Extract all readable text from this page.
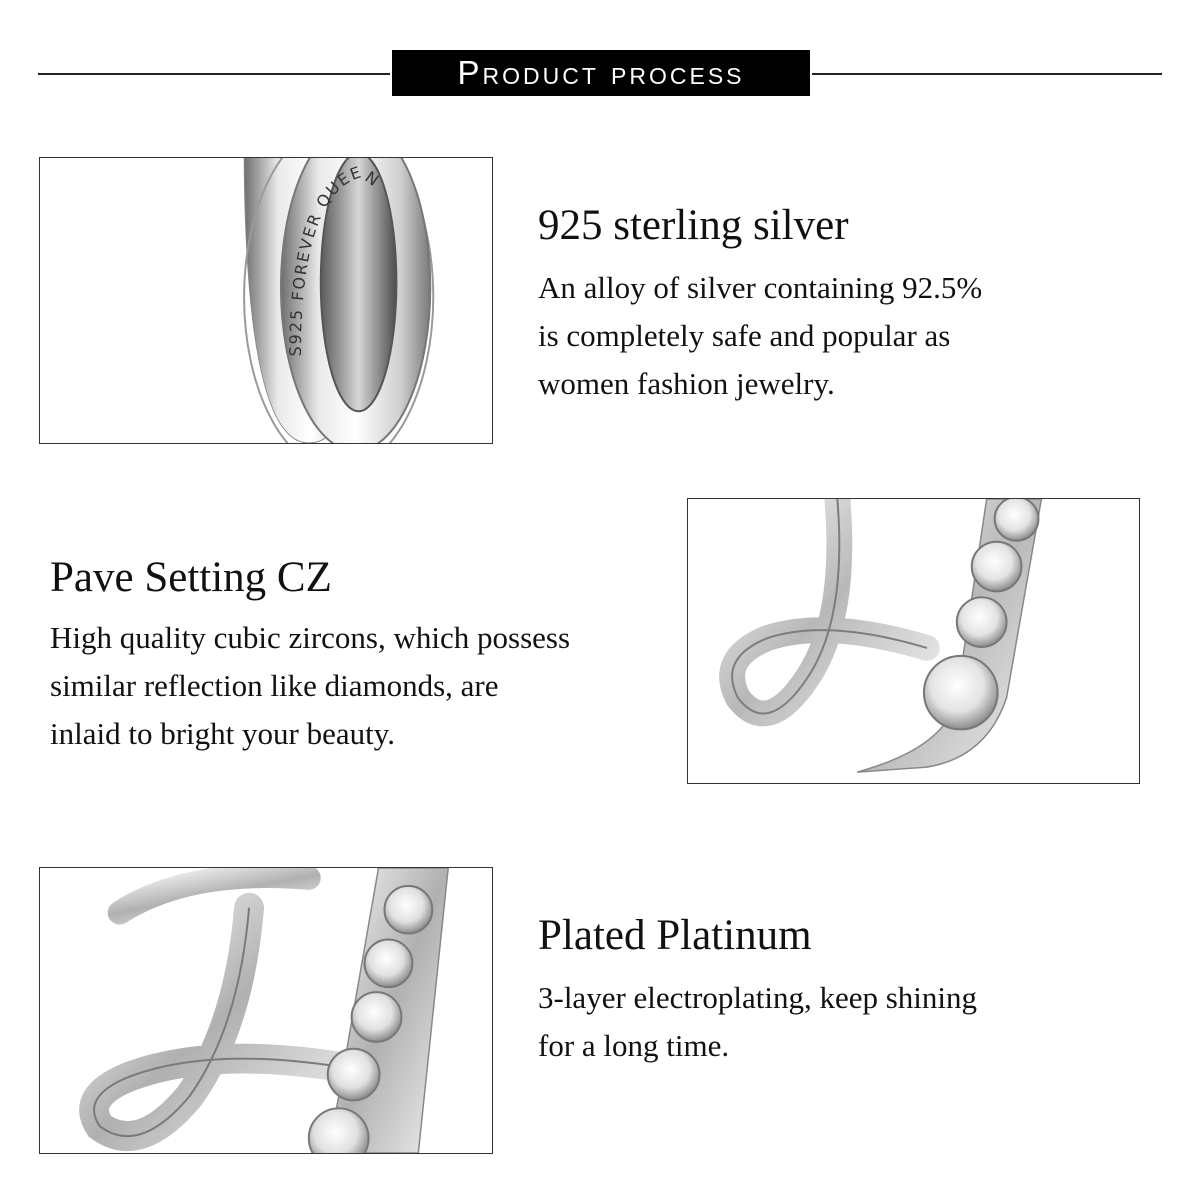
Product process
S925 FOREVER QUEEN
925 sterling silver
An alloy of silver containing 92.5%
is completely safe and popular as
women fashion jewelry.
Pave Setting CZ
High quality cubic zircons, which possess
similar reflection like diamonds, are
inlaid to bright your beauty.
Plated Platinum
3-layer electroplating, keep shining
for a long time.
